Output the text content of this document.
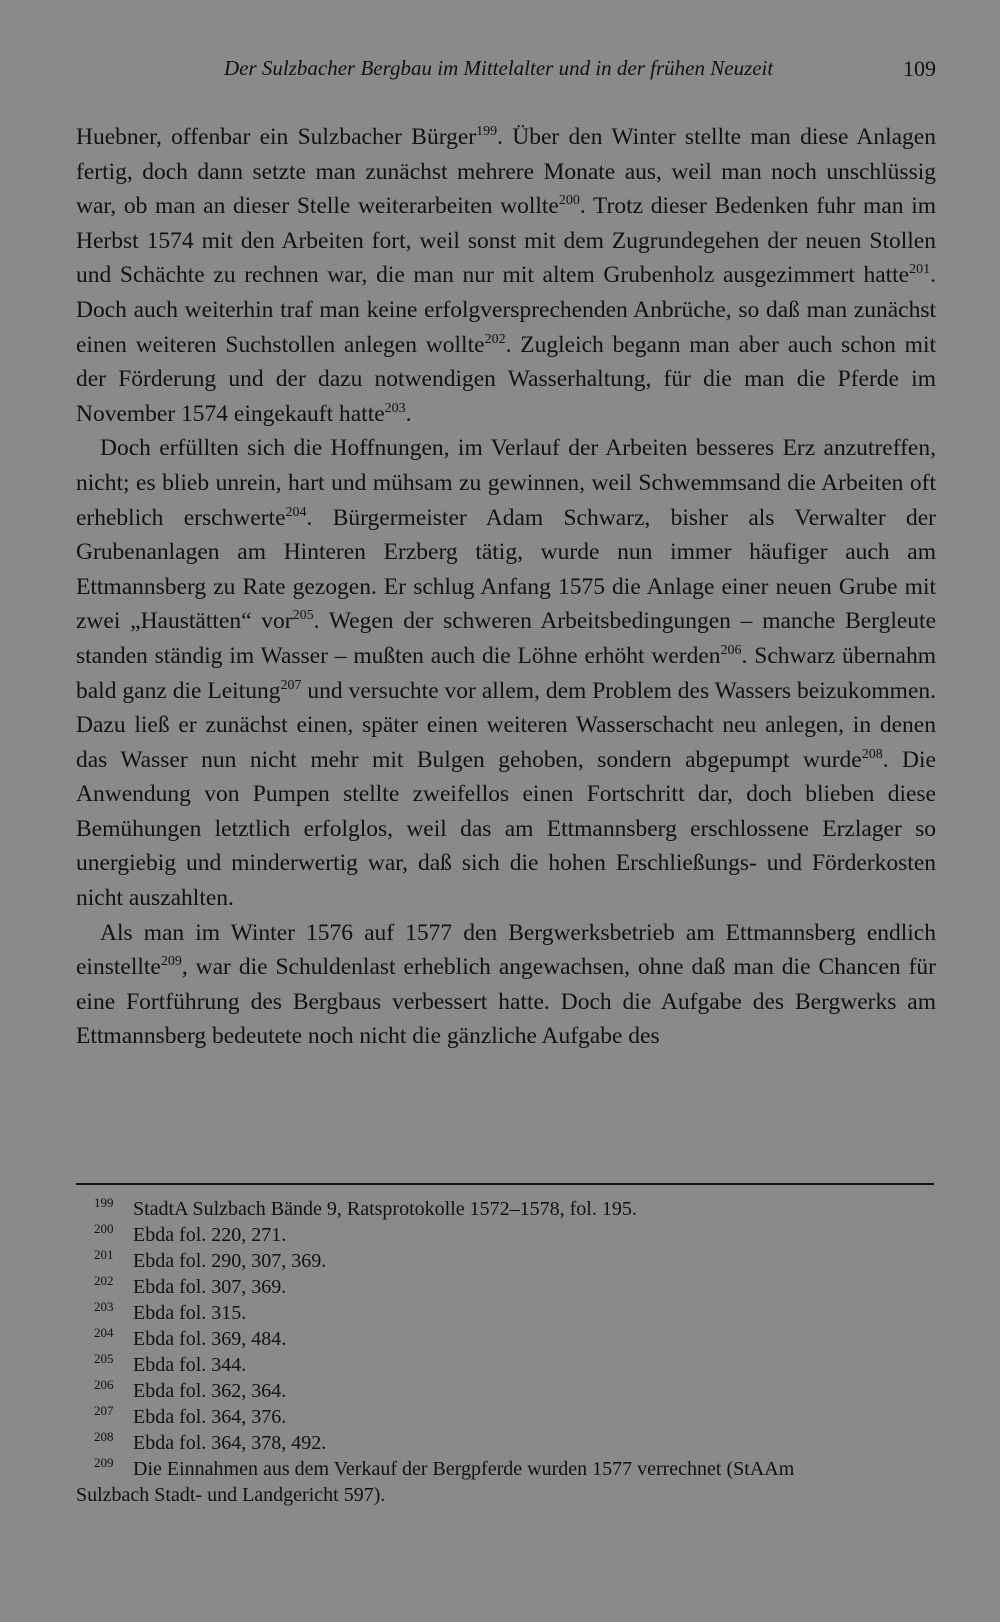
Der Sulzbacher Bergbau im Mittelalter und in der frühen Neuzeit	109

Huebner, offenbar ein Sulzbacher Bürger$^{199}$. Über den Winter stellte man diese Anlagen fertig, doch dann setzte man zunächst mehrere Monate aus, weil man noch unschlüssig war, ob man an dieser Stelle weiterarbeiten wollte$^{200}$. Trotz dieser Bedenken fuhr man im Herbst 1574 mit den Arbeiten fort, weil sonst mit dem Zugrundegehen der neuen Stollen und Schächte zu rechnen war, die man nur mit altem Grubenholz ausgezimmert hatte$^{201}$. Doch auch weiterhin traf man keine erfolgversprechenden Anbrüche, so daß man zunächst einen weiteren Suchstollen anlegen wollte$^{202}$. Zugleich begann man aber auch schon mit der Förderung und der dazu notwendigen Wasserhaltung, für die man die Pferde im November 1574 eingekauft hatte$^{203}$.

Doch erfüllten sich die Hoffnungen, im Verlauf der Arbeiten besseres Erz anzutreffen, nicht; es blieb unrein, hart und mühsam zu gewinnen, weil Schwemmsand die Arbeiten oft erheblich erschwerte$^{204}$. Bürgermeister Adam Schwarz, bisher als Verwalter der Grubenanlagen am Hinteren Erzberg tätig, wurde nun immer häufiger auch am Ettmannsberg zu Rate gezogen. Er schlug Anfang 1575 die Anlage einer neuen Grube mit zwei „Haustätten“ vor$^{205}$. Wegen der schweren Arbeitsbedingungen – manche Bergleute standen ständig im Wasser – mußten auch die Löhne erhöht werden$^{206}$. Schwarz übernahm bald ganz die Leitung$^{207}$ und versuchte vor allem, dem Problem des Wassers beizukommen. Dazu ließ er zunächst einen, später einen weiteren Wasserschacht neu anlegen, in denen das Wasser nun nicht mehr mit Bulgen gehoben, sondern abgepumpt wurde$^{208}$. Die Anwendung von Pumpen stellte zweifellos einen Fortschritt dar, doch blieben diese Bemühungen letztlich erfolglos, weil das am Ettmannsberg erschlossene Erzlager so unergiebig und minderwertig war, daß sich die hohen Erschließungs- und Förderkosten nicht auszahlten.

Als man im Winter 1576 auf 1577 den Bergwerksbetrieb am Ettmannsberg endlich einstellte$^{209}$, war die Schuldenlast erheblich angewachsen, ohne daß man die Chancen für eine Fortführung des Bergbaus verbessert hatte. Doch die Aufgabe des Bergwerks am Ettmannsberg bedeutete noch nicht die gänzliche Aufgabe des

199 StadtA Sulzbach Bände 9, Ratsprotokolle 1572–1578, fol. 195.
200 Ebda fol. 220, 271.
201 Ebda fol. 290, 307, 369.
202 Ebda fol. 307, 369.
203 Ebda fol. 315.
204 Ebda fol. 369, 484.
205 Ebda fol. 344.
206 Ebda fol. 362, 364.
207 Ebda fol. 364, 376.
208 Ebda fol. 364, 378, 492.
209 Die Einnahmen aus dem Verkauf der Bergpferde wurden 1577 verrechnet (StAAm
Sulzbach Stadt- und Landgericht 597).
